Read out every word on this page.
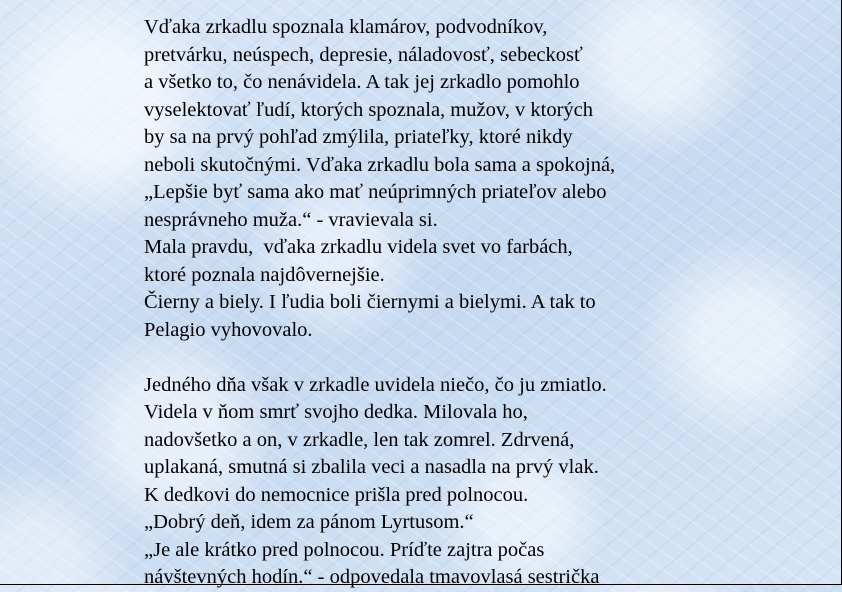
Vďaka zrkadlu spoznala klamárov, podvodníkov,
pretvárku, neúspech, depresie, náladovosť, sebeckosť
a všetko to, čo nenávidela. A tak jej zrkadlo pomohlo
vyselektovať ľudí, ktorých spoznala, mužov, v ktorých
by sa na prvý pohľad zmýlila, priateľky, ktoré nikdy
neboli skutočnými. Vďaka zrkadlu bola sama a spokojná,
„Lepšie byť sama ako mať neúprimných priateľov alebo
nesprávneho muža.“ - vravievala si.
Mala pravdu,  vďaka zrkadlu videla svet vo farbách,
ktoré poznala najdôvernejšie.
Čierny a biely. I ľudia boli čiernymi a bielymi. A tak to
Pelagio vyhovovalo.
Jedného dňa však v zrkadle uvidela niečo, čo ju zmiatlo.
Videla v ňom smrť svojho dedka. Milovala ho,
nadovšetko a on, v zrkadle, len tak zomrel. Zdrvená,
uplakaná, smutná si zbalila veci a nasadla na prvý vlak.
K dedkovi do nemocnice prišla pred polnocou.
„Dobrý deň, idem za pánom Lyrtusom.“
„Je ale krátko pred polnocou. Príďte zajtra počas
návštevných hodín.“ - odpovedala tmavovlasá sestrička
